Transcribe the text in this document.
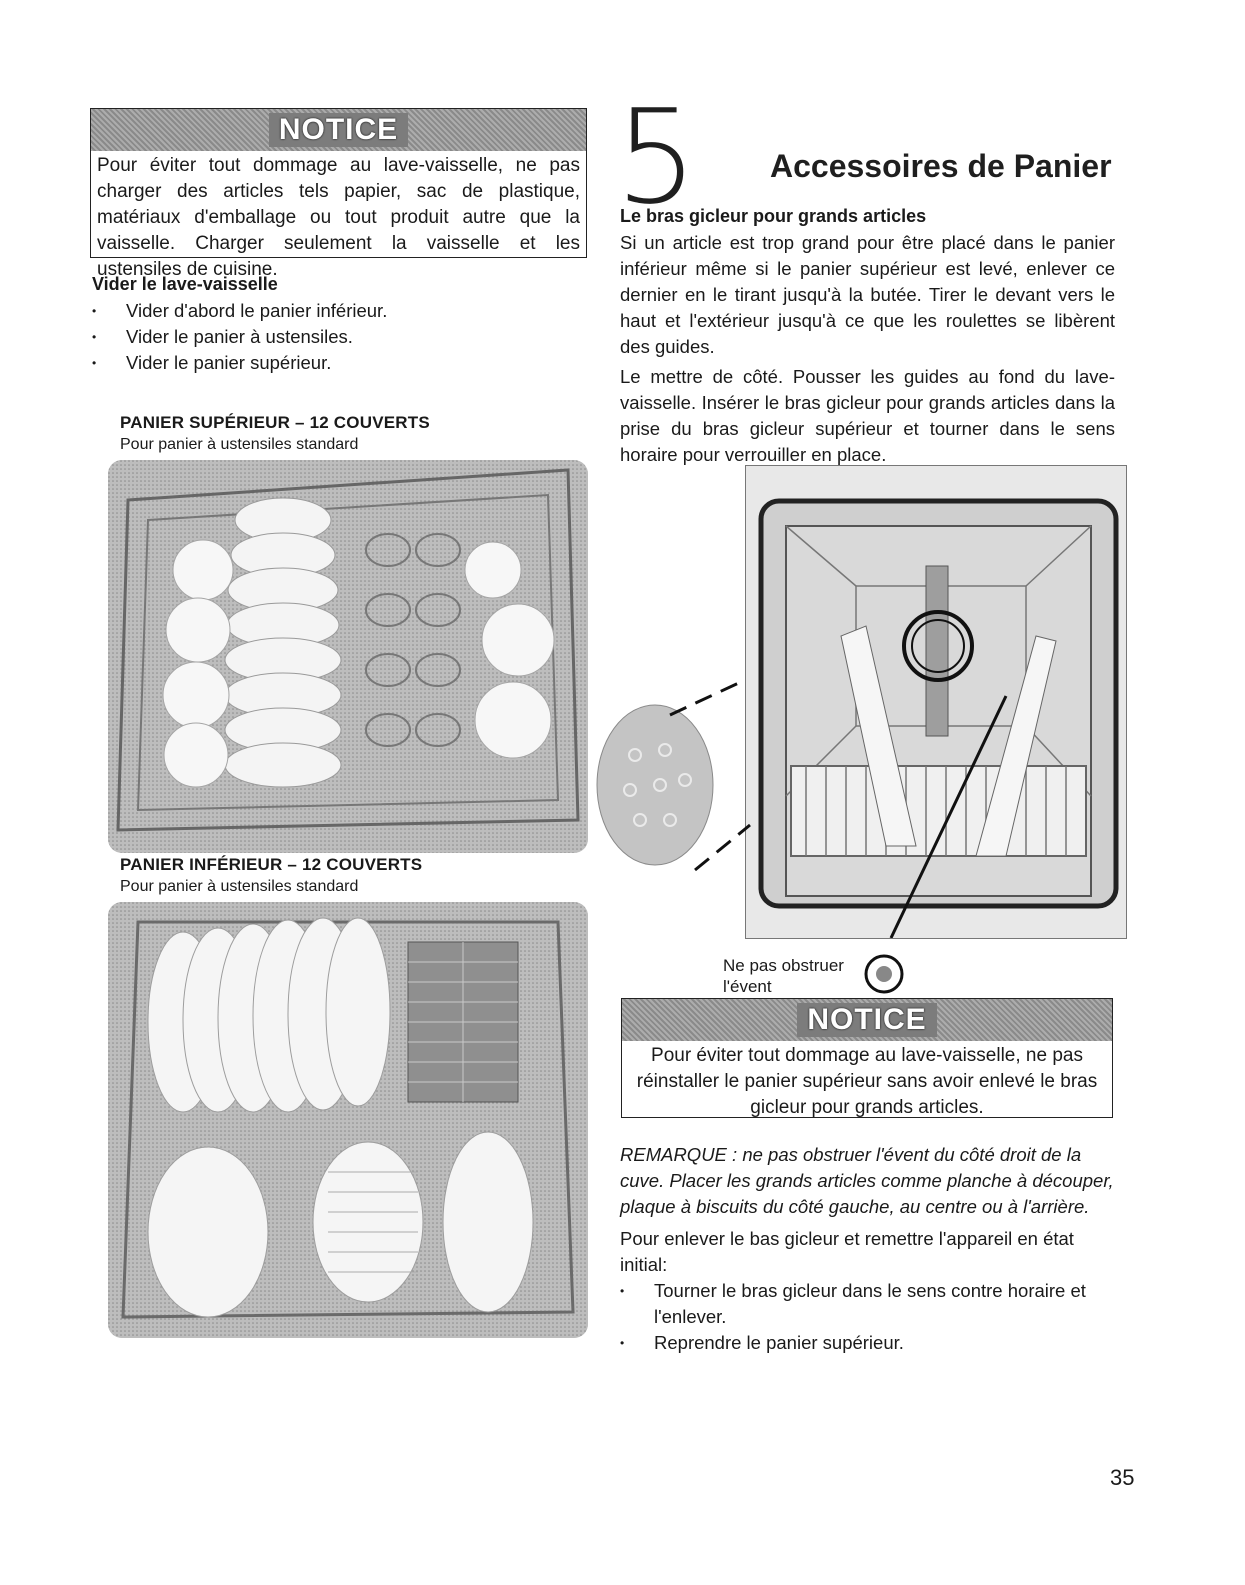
NOTICE
Pour éviter tout dommage au lave-vaisselle, ne pas charger des articles tels papier, sac de plastique, matériaux d'emballage ou tout produit autre que la vaisselle. Charger seulement la vaisselle et les ustensiles de cuisine.
Vider le lave-vaisselle
• Vider d'abord le panier inférieur.
• Vider le panier à ustensiles.
• Vider le panier supérieur.
PANIER SUPÉRIEUR – 12 COUVERTS
Pour panier à ustensiles standard
PANIER INFÉRIEUR – 12 COUVERTS
Pour panier à ustensiles standard
5 Accessoires de Panier
Le bras gicleur pour grands articles
Si un article est trop grand pour être placé dans le panier inférieur même si le panier supérieur est levé, enlever ce dernier en le tirant jusqu'à la butée. Tirer le devant vers le haut et l'extérieur jusqu'à ce que les roulettes se libèrent des guides.
Le mettre de côté. Pousser les guides au fond du lave-vaisselle. Insérer le bras gicleur pour grands articles dans la prise du bras gicleur supérieur et tourner dans le sens horaire pour verrouiller en place.
Ne pas obstruer
l'évent
NOTICE
Pour éviter tout dommage au lave-vaisselle, ne pas réinstaller le panier supérieur sans avoir enlevé le bras gicleur pour grands articles.
REMARQUE : ne pas obstruer l'évent du côté droit de la cuve. Placer les grands articles comme planche à découper, plaque à biscuits du côté gauche, au centre ou à l'arrière.
Pour enlever le bas gicleur et remettre l'appareil en état initial:
• Tourner le bras gicleur dans le sens contre horaire et l'enlever.
• Reprendre le panier supérieur.
35
